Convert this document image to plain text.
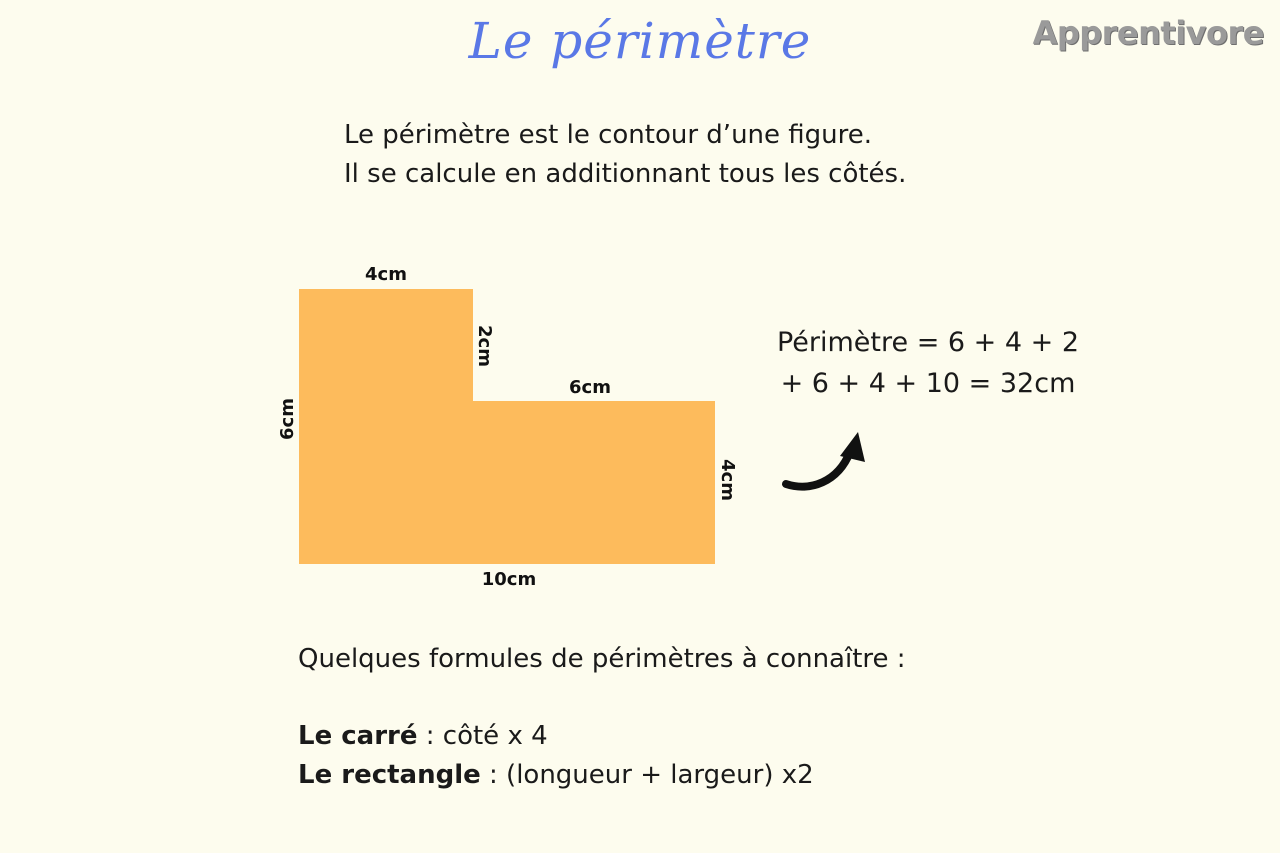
Le périmètre	Apprentivore
Le périmètre est le contour d’une figure.
Il se calcule en additionnant tous les côtés.
4cm
2cm
6cm
6cm
4cm
10cm
Périmètre = 6 + 4 + 2
+ 6 + 4 + 10 = 32cm
Quelques formules de périmètres à connaître :
Le carré : côté x 4
Le rectangle : (longueur + largeur) x2
